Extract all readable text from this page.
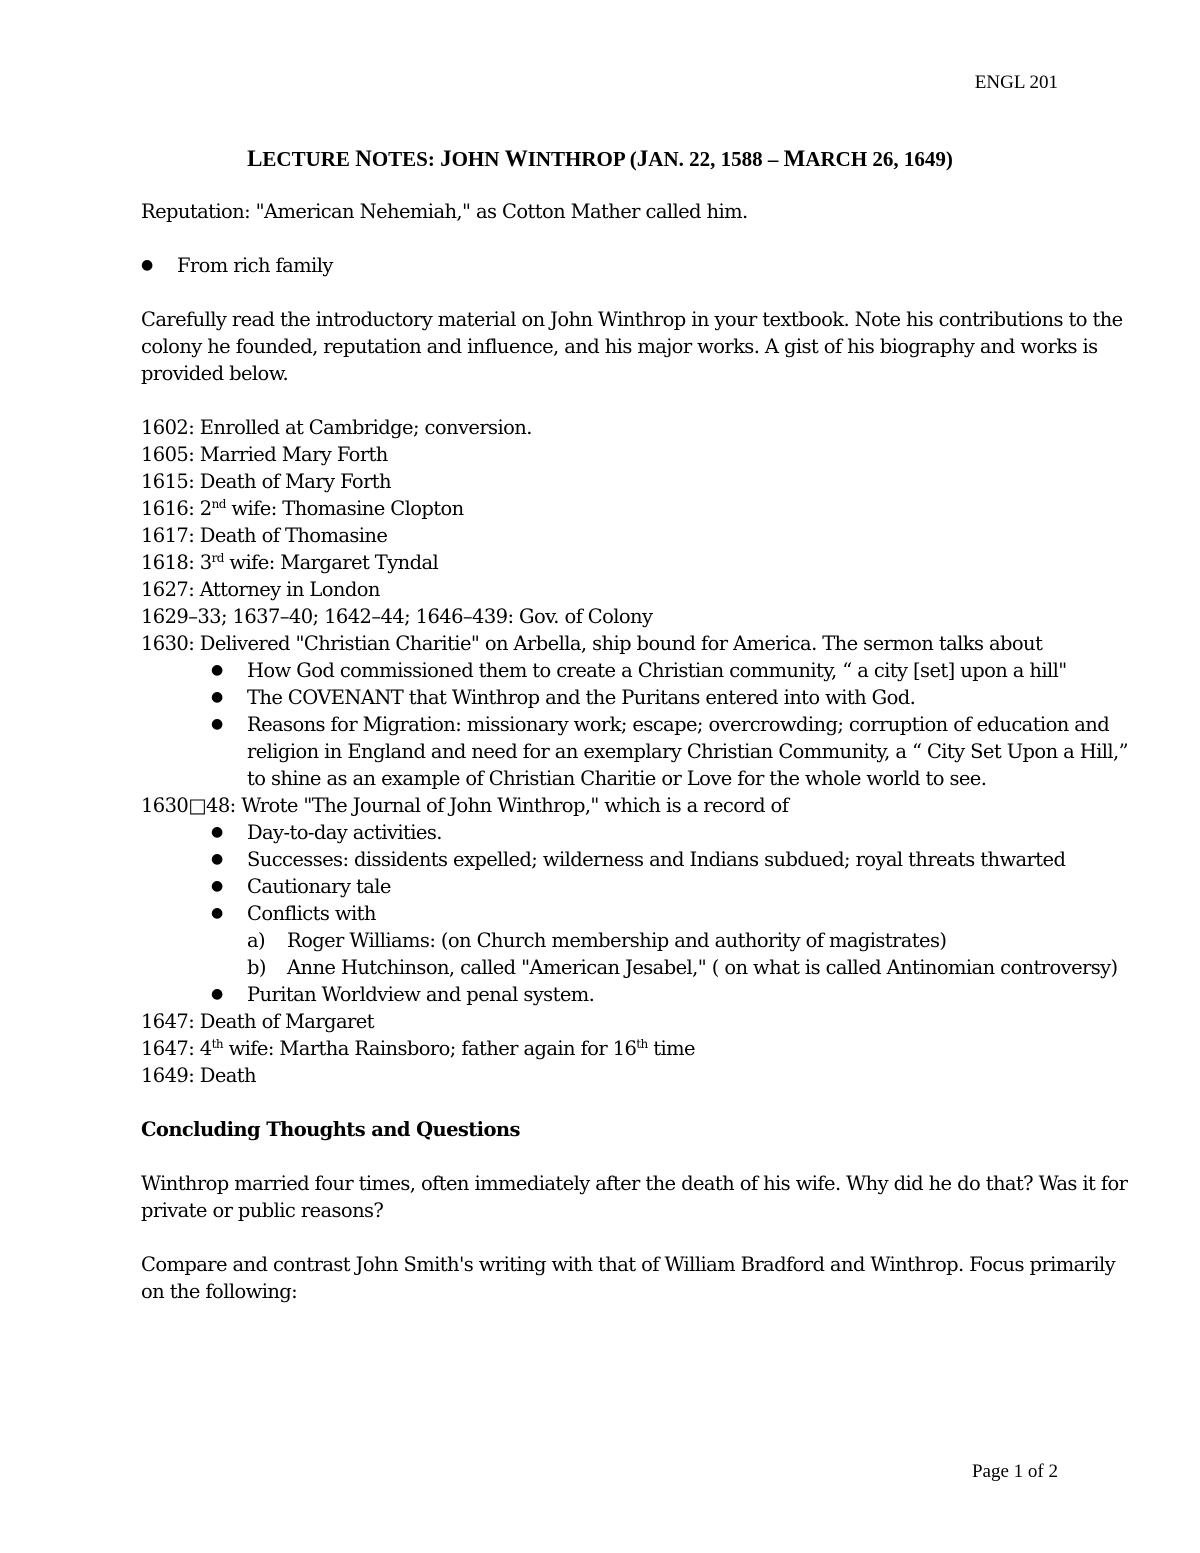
ENGL 201
LECTURE NOTES: JOHN WINTHROP (JAN. 22, 1588 – MARCH 26, 1649)

Reputation: "American Nehemiah," as Cotton Mather called him.

● From rich family

Carefully read the introductory material on John Winthrop in your textbook. Note his contributions to the colony he founded, reputation and influence, and his major works. A gist of his biography and works is provided below.

1602: Enrolled at Cambridge; conversion.

1605: Married Mary Forth

1615: Death of Mary Forth

1616: 2nd wife: Thomasine Clopton

1617: Death of Thomasine

1618: 3rd wife: Margaret Tyndal

1627: Attorney in London

1629–33; 1637–40; 1642–44; 1646–439: Gov. of Colony

1630: Delivered "Christian Charitie" on Arbella, ship bound for America. The sermon talks about

● How God commissioned them to create a Christian community, “ a city [set] upon a hill"
● The COVENANT that Winthrop and the Puritans entered into with God.
● Reasons for Migration: missionary work; escape; overcrowding; corruption of education and religion in England and need for an exemplary Christian Community, a “ City Set Upon a Hill,” to shine as an example of Christian Charitie or Love for the whole world to see.

1630□48: Wrote "The Journal of John Winthrop," which is a record of

● Day-to-day activities.
● Successes: dissidents expelled; wilderness and Indians subdued; royal threats thwarted
● Cautionary tale
● Conflicts with
a) Roger Williams: (on Church membership and authority of magistrates)
b) Anne Hutchinson, called "American Jesabel," ( on what is called Antinomian controversy)
● Puritan Worldview and penal system.

1647: Death of Margaret

1647: 4th wife: Martha Rainsboro; father again for 16th time

1649: Death

Concluding Thoughts and Questions

Winthrop married four times, often immediately after the death of his wife. Why did he do that? Was it for private or public reasons?

Compare and contrast John Smith's writing with that of William Bradford and Winthrop. Focus primarily on the following:

Page 1 of 2
